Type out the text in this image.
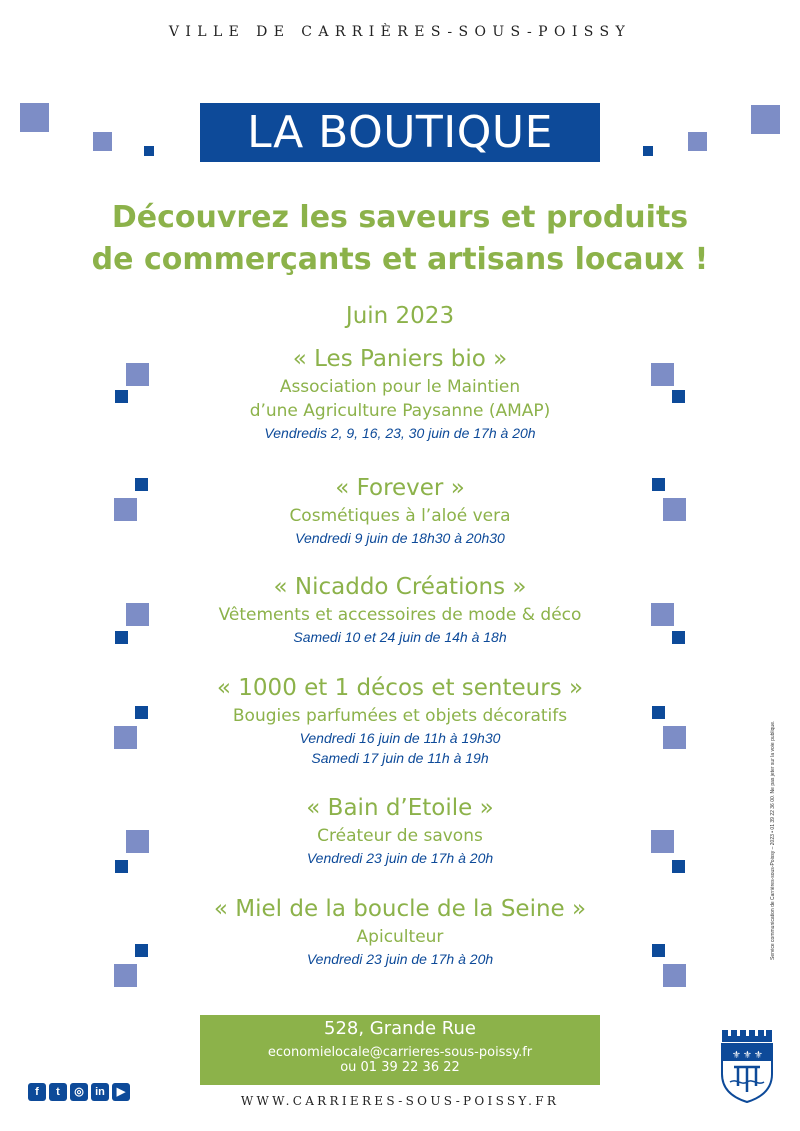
VILLE DE CARRIÈRES-SOUS-POISSY
LA BOUTIQUE
Découvrez les saveurs et produits
de commerçants et artisans locaux !
Juin 2023
« Les Paniers bio »
Association pour le Maintien
d’une Agriculture Paysanne (AMAP)
Vendredis 2, 9, 16, 23, 30 juin de 17h à 20h
« Forever »
Cosmétiques à l’aloé vera
Vendredi 9 juin de 18h30 à 20h30
« Nicaddo Créations »
Vêtements et accessoires de mode & déco
Samedi 10 et 24 juin de 14h à 18h
« 1000 et 1 décos et senteurs »
Bougies parfumées et objets décoratifs
Vendredi 16 juin de 11h à 19h30
Samedi 17 juin de 11h à 19h
« Bain d’Etoile »
Créateur de savons
Vendredi 23 juin de 17h à 20h
« Miel de la boucle de la Seine »
Apiculteur
Vendredi 23 juin de 17h à 20h
528, Grande Rue
economielocale@carrieres-sous-poissy.fr
ou 01 39 22 36 22
f	t	◎	in	▶
WWW.CARRIERES-SOUS-POISSY.FR
Service communication de Carrières-sous-Poissy – 2023 • 01 39 22 36 00. Ne pas jeter sur la voie publique.
⚜ ⚜ ⚜
